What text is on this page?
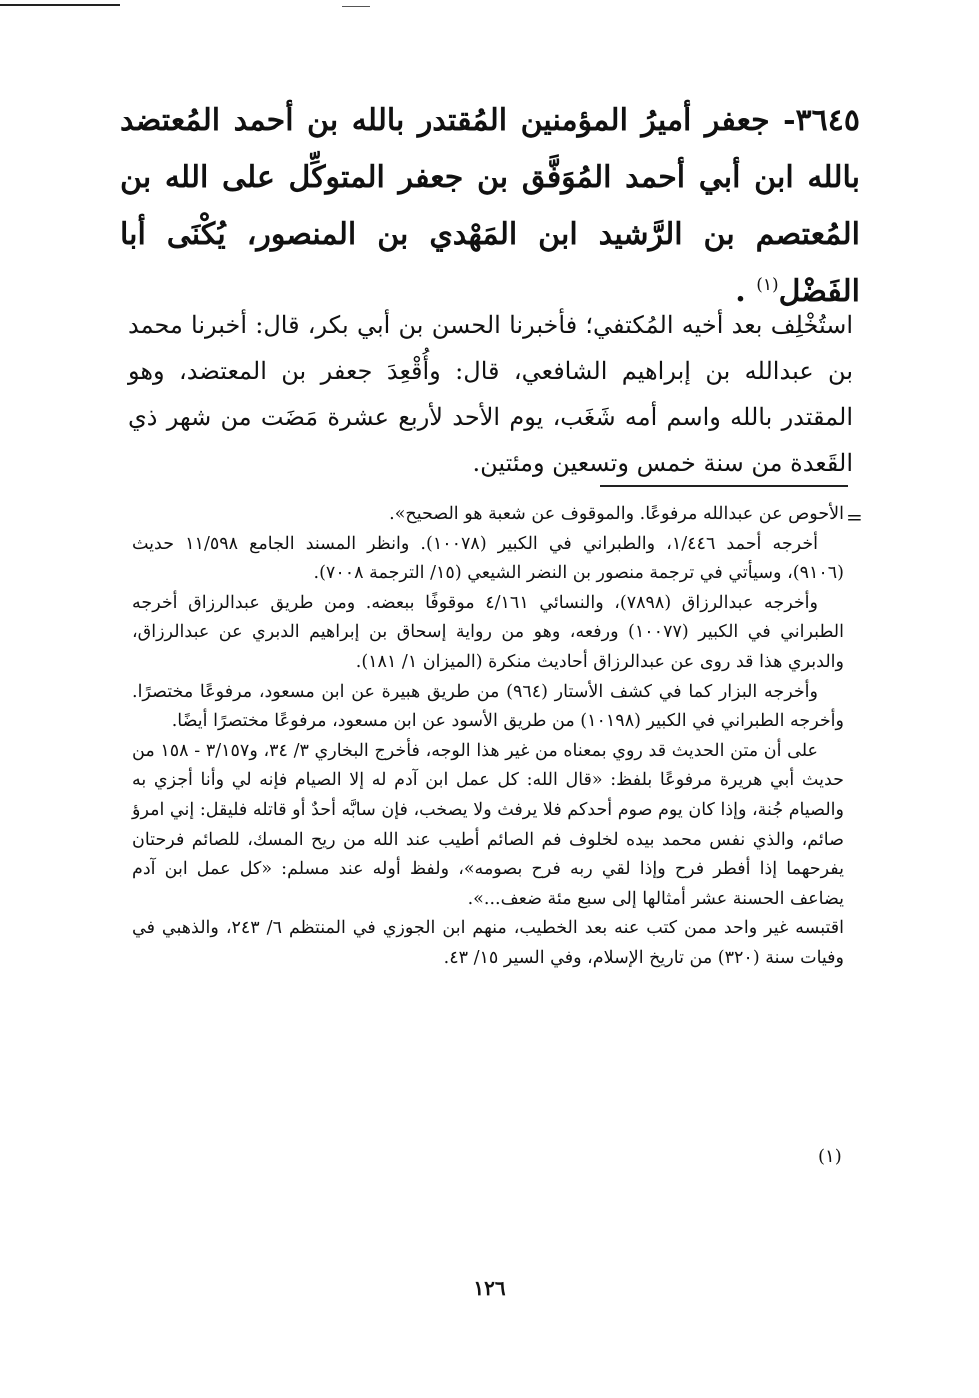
٣٦٤٥- جعفر أميرُ المؤمنين المُقتدر بالله بن أحمد المُعتضد بالله ابن أبي أحمد المُوَفَّق بن جعفر المتوكِّل على الله بن المُعتصم بن الرَّشيد ابن المَهْدي بن المنصور، يُكْنَى أبا الفَضْل$^{(١)}$ .
استُخْلِف بعد أخيه المُكتفي؛ فأخبرنا الحسن بن أبي بكر، قال: أخبرنا محمد بن عبدالله بن إبراهيم الشافعي، قال: وأُقْعِدَ جعفر بن المعتضد، وهو المقتدر بالله واسم أمه شَغَب، يوم الأحد لأربع عشرة مَضَت من شهر ذي القَعدة من سنة خمس وتسعين ومئتين.
=

الأحوص عن عبدالله مرفوعًا. والموقوف عن شعبة هو الصحيح».

أخرجه أحمد ١/٤٤٦، والطبراني في الكبير (١٠٠٧٨). وانظر المسند الجامع ١١/٥٩٨ حديث (٩١٠٦)، وسيأتي في ترجمة منصور بن النضر الشيعي (١٥/ الترجمة ٧٠٠٨).

وأخرجه عبدالرزاق (٧٨٩٨)، والنسائي ٤/١٦١ موقوفًا ببعضه. ومن طريق عبدالرزاق أخرجه الطبراني في الكبير (١٠٠٧٧) ورفعه، وهو من رواية إسحاق بن إبراهيم الدبري عن عبدالرزاق، والدبري هذا قد روى عن عبدالرزاق أحاديث منكرة (الميزان ١/ ١٨١).

وأخرجه البزار كما في كشف الأستار (٩٦٤) من طريق هبيرة عن ابن مسعود، مرفوعًا مختصرًا. وأخرجه الطبراني في الكبير (١٠١٩٨) من طريق الأسود عن ابن مسعود، مرفوعًا مختصرًا أيضًا.

على أن متن الحديث قد روي بمعناه من غير هذا الوجه، فأخرج البخاري ٣/ ٣٤، و٣/١٥٧ - ١٥٨ من حديث أبي هريرة مرفوعًا بلفظ: «قال الله: كل عمل ابن آدم له إلا الصيام فإنه لي وأنا أجزي به والصيام جُنة، وإذا كان يوم صوم أحدكم فلا يرفث ولا يصخب، فإن سابَّه أحدٌ أو قاتله فليقل: إني امرؤ صائم، والذي نفس محمد بيده لخلوف فم الصائم أطيب عند الله من ريح المسك، للصائم فرحتان يفرحهما إذا أفطر فرح وإذا لقي ربه فرح بصومه»، ولفظ أوله عند مسلم: «كل عمل ابن آدم يضاعف الحسنة عشر أمثالها إلى سبع مئة ضعف...».

اقتبسه غير واحد ممن كتب عنه بعد الخطيب، منهم ابن الجوزي في المنتظم ٦/ ٢٤٣، والذهبي في وفيات سنة (٣٢٠) من تاريخ الإسلام، وفي السير ١٥/ ٤٣.

(١)
١٢٦
